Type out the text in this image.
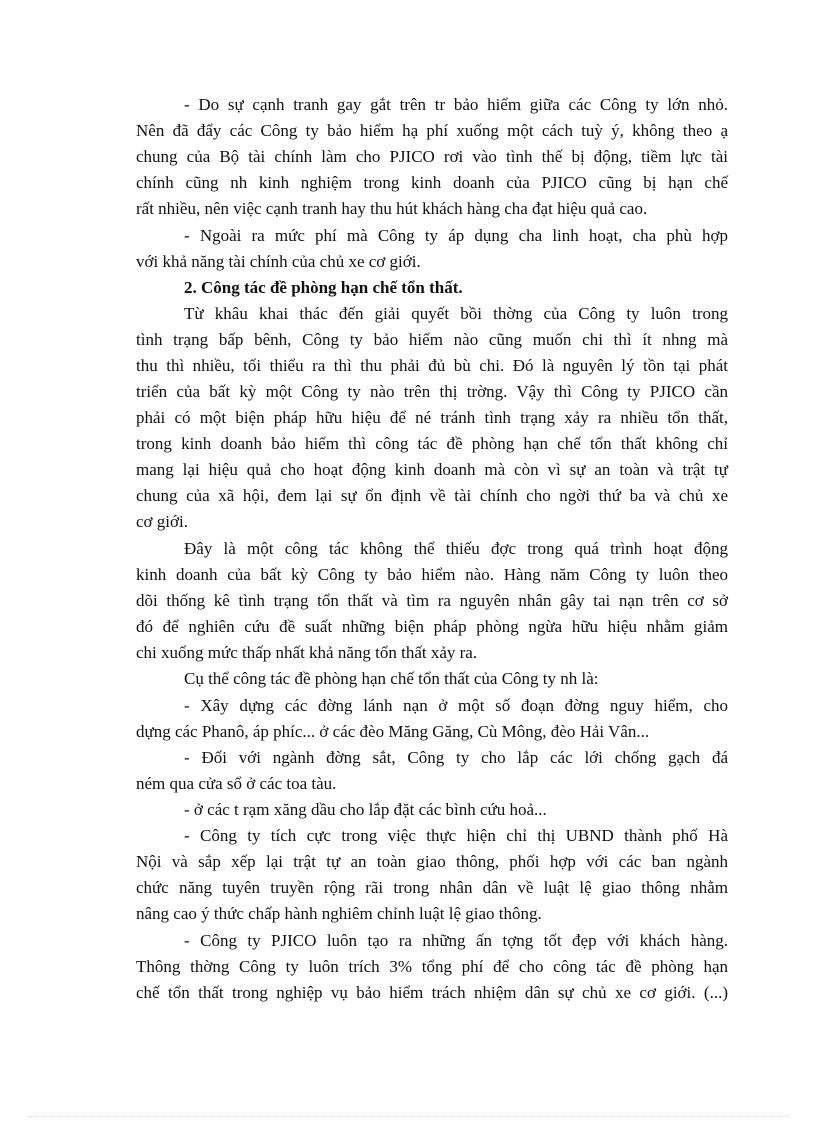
- Do sự cạnh tranh gay gắt trên tr bảo hiểm giữa các Công ty lớn nhỏ.
Nên đã đẩy các Công ty bảo hiểm hạ phí xuống một cách tuỳ ý, không theo ạ
chung của Bộ tài chính làm cho PJICO rơi vào tình thế bị động, tiềm lực tài
chính cũng nh kinh nghiệm trong kinh doanh của PJICO cũng bị hạn chế
rất nhiều, nên việc cạnh tranh hay thu hút khách hàng cha đạt hiệu quả cao.
- Ngoài ra mức phí mà Công ty áp dụng cha linh hoạt, cha phù hợp
với khả năng tài chính của chủ xe cơ giới.
2. Công tác đề phòng hạn chế tổn thất.
Từ khâu khai thác đến giải quyết bồi thờng của Công ty luôn trong
tình trạng bấp bênh, Công ty bảo hiểm nào cũng muốn chi thì ít nhng mà
thu thì nhiều, tối thiểu ra thì thu phải đủ bù chi. Đó là nguyên lý tồn tại phát
triển của bất kỳ một Công ty nào trên thị trờng. Vậy thì Công ty PJICO cần
phải có một biện pháp hữu hiệu để né tránh tình trạng xảy ra nhiều tổn thất,
trong kinh doanh bảo hiểm thì công tác đề phòng hạn chế tổn thất không chỉ
mang lại hiệu quả cho hoạt động kinh doanh mà còn vì sự an toàn và trật tự
chung của xã hội, đem lại sự ổn định về tài chính cho ngời thứ ba và chủ xe
cơ giới.
Đây là một công tác không thể thiếu đợc trong quá trình hoạt động
kinh doanh của bất kỳ Công ty bảo hiểm nào. Hàng năm Công ty luôn theo
dõi thống kê tình trạng tổn thất và tìm ra nguyên nhân gây tai nạn trên cơ sở
đó để nghiên cứu đề suất những biện pháp phòng ngừa hữu hiệu nhằm giảm
chi xuống mức thấp nhất khả năng tổn thất xảy ra.
Cụ thể công tác đề phòng hạn chế tổn thất của Công ty nh là:
- Xây dựng các đờng lánh nạn ở một số đoạn đờng nguy hiểm, cho
dựng các Phanô, áp phíc... ở các đèo Măng Găng, Cù Mông, đèo Hải Vân...
- Đối với ngành đờng sắt, Công ty cho lắp các lới chống gạch đá
ném qua cửa sổ ở các toa tàu.
- ở các t rạm xăng dầu cho lắp đặt các bình cứu hoả...
- Công ty tích cực trong việc thực hiện chỉ thị UBND thành phố Hà
Nội và sắp xếp lại trật tự an toàn giao thông, phối hợp với các ban ngành
chức năng tuyên truyền rộng rãi trong nhân dân về luật lệ giao thông nhằm
nâng cao ý thức chấp hành nghiêm chỉnh luật lệ giao thông.
- Công ty PJICO luôn tạo ra những ấn tợng tốt đẹp với khách hàng.
Thông thờng Công ty luôn trích 3% tổng phí để cho công tác đề phòng hạn
chế tổn thất trong nghiệp vụ bảo hiểm trách nhiệm dân sự chủ xe cơ giới. (...)
